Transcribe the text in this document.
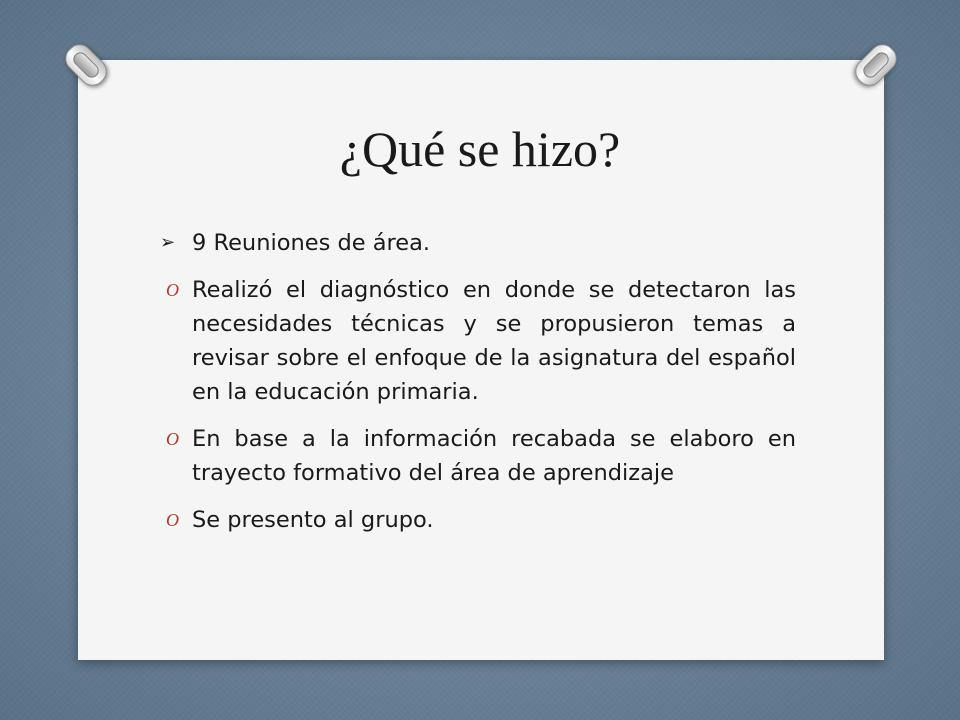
¿Qué se hizo?
➢ 9 Reuniones de área.
O Realizó el diagnóstico en donde se detectaron las necesidades técnicas y se propusieron temas a revisar sobre el enfoque de la asignatura del español en la educación primaria.
O En base a la información recabada se elaboro en trayecto formativo del área de aprendizaje
O Se presento al grupo.
